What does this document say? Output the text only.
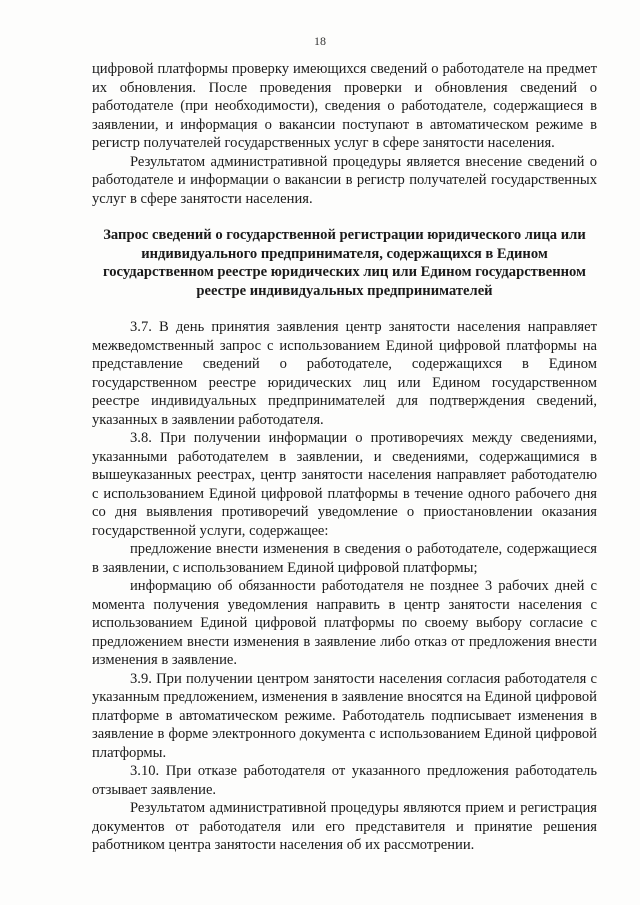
18

цифровой платформы проверку имеющихся сведений о работодателе на предмет их обновления. После проведения проверки и обновления сведений о работодателе (при необходимости), сведения о работодателе, содержащиеся в заявлении, и информация о вакансии поступают в автоматическом режиме в регистр получателей государственных услуг в сфере занятости населения.

Результатом административной процедуры является внесение сведений о работодателе и информации о вакансии в регистр получателей государственных услуг в сфере занятости населения.

Запрос сведений о государственной регистрации юридического лица или индивидуального предпринимателя, содержащихся в Едином государственном реестре юридических лиц или Едином государственном реестре индивидуальных предпринимателей

3.7. В день принятия заявления центр занятости населения направляет межведомственный запрос с использованием Единой цифровой платформы на представление сведений о работодателе, содержащихся в Едином государственном реестре юридических лиц или Едином государственном реестре индивидуальных предпринимателей для подтверждения сведений, указанных в заявлении работодателя.

3.8. При получении информации о противоречиях между сведениями, указанными работодателем в заявлении, и сведениями, содержащимися в вышеуказанных реестрах, центр занятости населения направляет работодателю с использованием Единой цифровой платформы в течение одного рабочего дня со дня выявления противоречий уведомление о приостановлении оказания государственной услуги, содержащее:

предложение внести изменения в сведения о работодателе, содержащиеся в заявлении, с использованием Единой цифровой платформы;

информацию об обязанности работодателя не позднее 3 рабочих дней с момента получения уведомления направить в центр занятости населения с использованием Единой цифровой платформы по своему выбору согласие с предложением внести изменения в заявление либо отказ от предложения внести изменения в заявление.

3.9. При получении центром занятости населения согласия работодателя с указанным предложением, изменения в заявление вносятся на Единой цифровой платформе в автоматическом режиме. Работодатель подписывает изменения в заявление в форме электронного документа с использованием Единой цифровой платформы.

3.10. При отказе работодателя от указанного предложения работодатель отзывает заявление.

Результатом административной процедуры являются прием и регистрация документов от работодателя или его представителя и принятие решения работником центра занятости населения об их рассмотрении.
